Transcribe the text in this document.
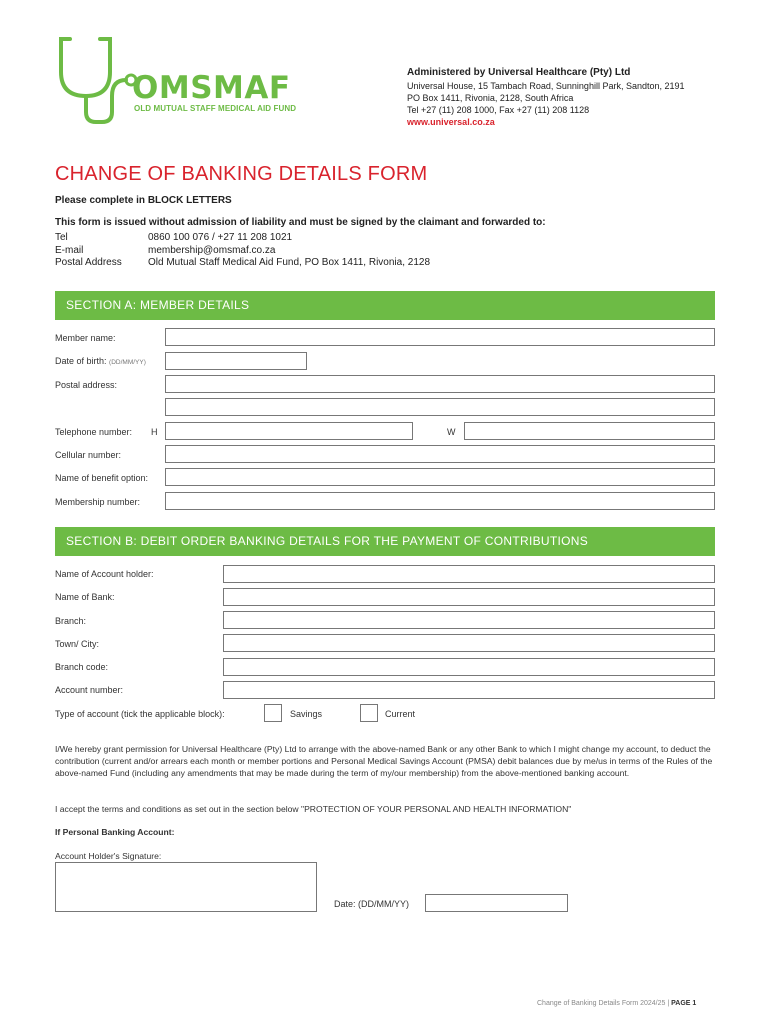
OMSMAF
OLD MUTUAL STAFF MEDICAL AID FUND
Administered by Universal Healthcare (Pty) Ltd
Universal House, 15 Tambach Road, Sunninghill Park, Sandton, 2191
PO Box 1411, Rivonia, 2128, South Africa
Tel +27 (11) 208 1000, Fax +27 (11) 208 1128
www.universal.co.za
CHANGE OF BANKING DETAILS FORM
Please complete in BLOCK LETTERS
This form is issued without admission of liability and must be signed by the claimant and forwarded to:
Tel	0860 100 076 / +27 11 208 1021
E-mail	membership@omsmaf.co.za
Postal Address	Old Mutual Staff Medical Aid Fund, PO Box 1411, Rivonia, 2128
SECTION A: MEMBER DETAILS
Member name:
Date of birth: (DD/MM/YY)
Postal address:
Telephone number: H	W
Cellular number:
Name of benefit option:
Membership number:
SECTION B: DEBIT ORDER BANKING DETAILS FOR THE PAYMENT OF CONTRIBUTIONS
Name of Account holder:
Name of Bank:
Branch:
Town/ City:
Branch code:
Account number:
Type of account (tick the applicable block):	Savings	Current
I/We hereby grant permission for Universal Healthcare (Pty) Ltd to arrange with the above-named Bank or any other Bank to which I might change my account, to deduct the contribution (current and/or arrears each month or member portions and Personal Medical Savings Account (PMSA) debit balances due by me/us in terms of the Rules of the above-named Fund (including any amendments that may be made during the term of my/our membership) from the above-mentioned banking account.
I accept the terms and conditions as set out in the section below "PROTECTION OF YOUR PERSONAL AND HEALTH INFORMATION"
If Personal Banking Account:
Account Holder's Signature:
Date: (DD/MM/YY)
Change of Banking Details Form 2024/25 | PAGE 1
